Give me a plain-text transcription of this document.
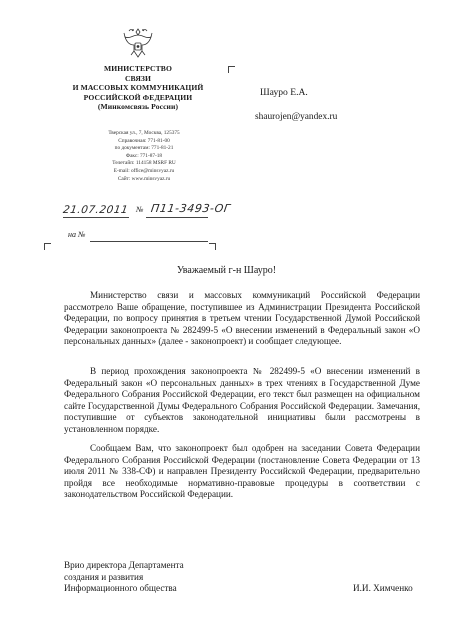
МИНИСТЕРСТВО
СВЯЗИ
И МАССОВЫХ КОММУНИКАЦИЙ
РОССИЙСКОЙ ФЕДЕРАЦИИ
(Минкомсвязь России)
Тверская ул., 7, Москва, 125375
Справочная: 771-81-00
по документам: 771-81-21
Факс: 771-87-18
Телетайп: 114158 MSRF RU
E-mail: office@minsvyaz.ru
Сайт: www.minsvyaz.ru
Шауро Е.А.
shaurojen@yandex.ru
21.07.2011 № П11-3493-ОГ
на №
Уважаемый г-н Шауро!
Министерство связи и массовых коммуникаций Российской Федерации рассмотрело Ваше обращение, поступившее из Администрации Президента Российской Федерации, по вопросу принятия в третьем чтении Государственной Думой Российской Федерации законопроекта № 282499-5 «О внесении изменений в Федеральный закон «О персональных данных» (далее - законопроект) и сообщает следующее.
В период прохождения законопроекта № 282499-5 «О внесении изменений в Федеральный закон «О персональных данных» в трех чтениях в Государственной Думе Федерального Собрания Российской Федерации, его текст был размещен на официальном сайте Государственной Думы Федерального Собрания Российской Федерации. Замечания, поступившие от субъектов законодательной инициативы были рассмотрены в установленном порядке.
Сообщаем Вам, что законопроект был одобрен на заседании Совета Федерации Федерального Собрания Российской Федерации (постановление Совета Федерации от 13 июля 2011 № 338-СФ) и направлен Президенту Российской Федерации, предварительно пройдя все необходимые нормативно-правовые процедуры в соответствии с законодательством Российской Федерации.
Врио директора Департамента
создания и развития
Информационного общества	И.И. Химченко
